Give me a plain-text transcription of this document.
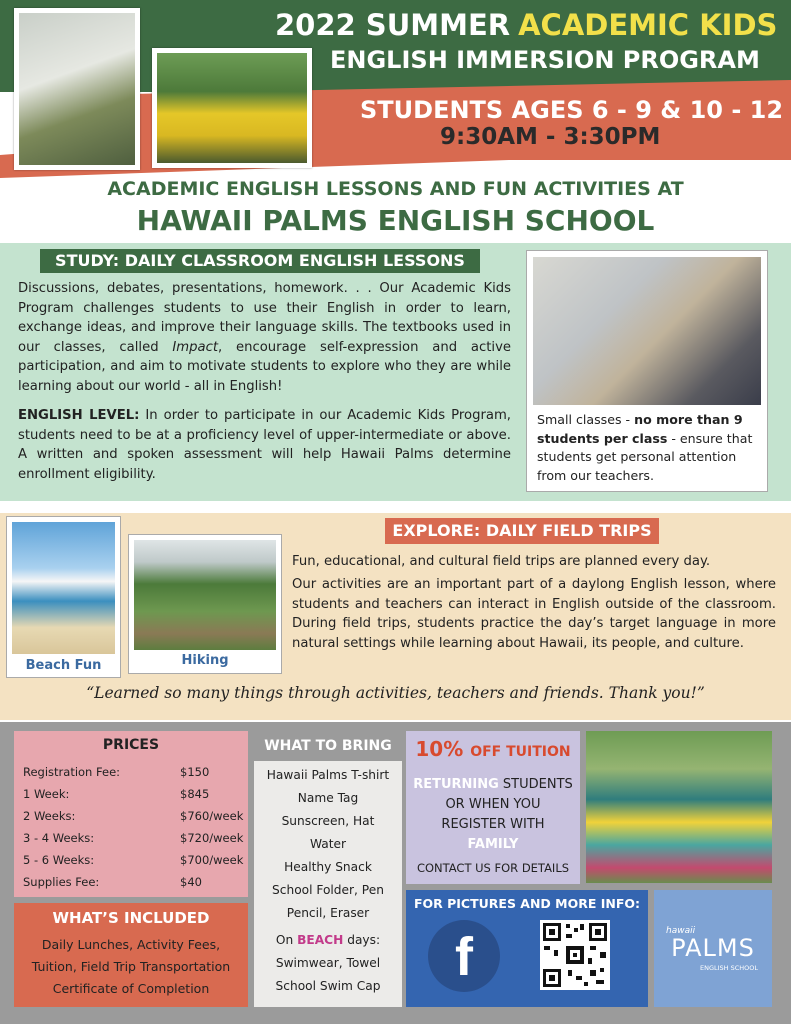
2022 SUMMER ACADEMIC KIDS
ENGLISH IMMERSION PROGRAM
STUDENTS AGES 6 - 9 & 10 - 12
9:30AM - 3:30PM
ACADEMIC ENGLISH LESSONS AND FUN ACTIVITIES AT
HAWAII PALMS ENGLISH SCHOOL
STUDY: DAILY CLASSROOM ENGLISH LESSONS
Discussions, debates, presentations, homework. . . Our Academic Kids Program challenges students to use their English in order to learn, exchange ideas, and improve their language skills. The textbooks used in our classes, called Impact, encourage self-expression and active participation, and aim to motivate students to explore who they are while learning about our world - all in English!
ENGLISH LEVEL: In order to participate in our Academic Kids Program, students need to be at a proficiency level of upper-intermediate or above. A written and spoken assessment will help Hawaii Palms determine enrollment eligibility.
Small classes - no more than 9 students per class - ensure that students get personal attention from our teachers.
Beach Fun	Hiking
EXPLORE: DAILY FIELD TRIPS
Fun, educational, and cultural field trips are planned every day.
Our activities are an important part of a daylong English lesson, where students and teachers can interact in English outside of the classroom. During field trips, students practice the day’s target language in more natural settings while learning about Hawaii, its people, and culture.
“Learned so many things through activities, teachers and friends. Thank you!”
PRICES
Registration Fee:	$150
1 Week:	$845
2 Weeks:	$760/week
3 - 4 Weeks:	$720/week
5 - 6 Weeks:	$700/week
Supplies Fee:	$40
WHAT’S INCLUDED
Daily Lunches, Activity Fees,
Tuition, Field Trip Transportation
Certificate of Completion
WHAT TO BRING
Hawaii Palms T-shirt
Name Tag
Sunscreen, Hat
Water
Healthy Snack
School Folder, Pen
Pencil, Eraser
On BEACH days:
Swimwear, Towel
School Swim Cap
10% OFF TUITION
RETURNING STUDENTS
OR WHEN YOU
REGISTER WITH
FAMILY
CONTACT US FOR DETAILS
FOR PICTURES AND MORE INFO:
f	hawaii
PALMS
ENGLISH SCHOOL
